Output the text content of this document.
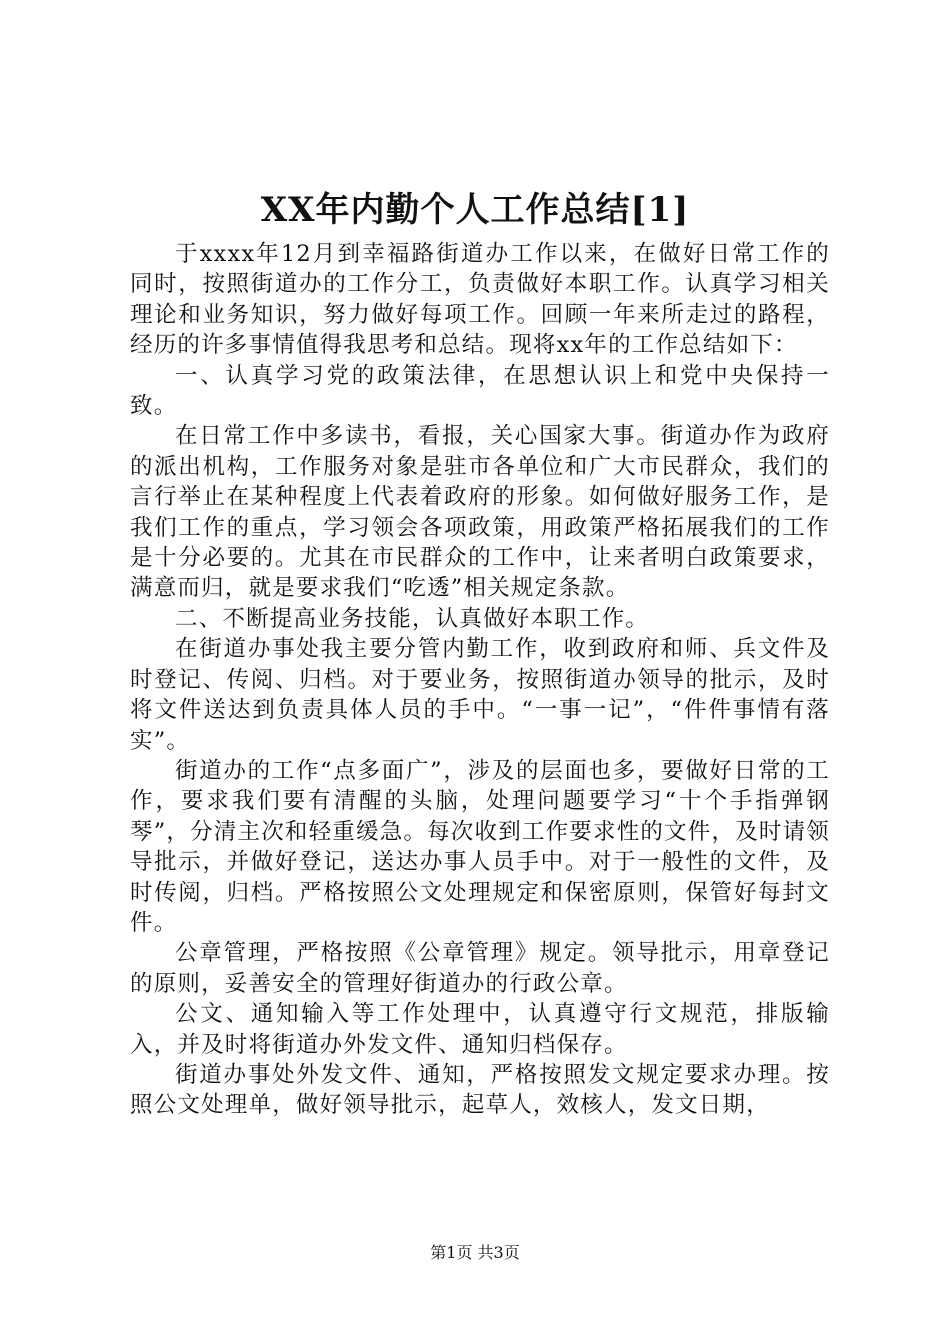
XX年内勤个人工作总结[1]

于xxxx年12月到幸福路街道办工作以来，在做好日常工作的同时，按照街道办的工作分工，负责做好本职工作。认真学习相关理论和业务知识，努力做好每项工作。回顾一年来所走过的路程，经历的许多事情值得我思考和总结。现将xx年的工作总结如下：

一、认真学习党的政策法律，在思想认识上和党中央保持一致。

在日常工作中多读书，看报，关心国家大事。街道办作为政府的派出机构，工作服务对象是驻市各单位和广大市民群众，我们的言行举止在某种程度上代表着政府的形象。如何做好服务工作，是我们工作的重点，学习领会各项政策，用政策严格拓展我们的工作是十分必要的。尤其在市民群众的工作中，让来者明白政策要求，满意而归，就是要求我们“吃透”相关规定条款。

二、不断提高业务技能，认真做好本职工作。

在街道办事处我主要分管内勤工作，收到政府和师、兵文件及时登记、传阅、归档。对于要业务，按照街道办领导的批示，及时将文件送达到负责具体人员的手中。“一事一记”，“件件事情有落实”。

街道办的工作“点多面广”，涉及的层面也多，要做好日常的工作，要求我们要有清醒的头脑，处理问题要学习“十个手指弹钢琴”，分清主次和轻重缓急。每次收到工作要求性的文件，及时请领导批示，并做好登记，送达办事人员手中。对于一般性的文件，及时传阅，归档。严格按照公文处理规定和保密原则，保管好每封文件。

公章管理，严格按照《公章管理》规定。领导批示，用章登记的原则，妥善安全的管理好街道办的行政公章。

公文、通知输入等工作处理中，认真遵守行文规范，排版输入，并及时将街道办外发文件、通知归档保存。

街道办事处外发文件、通知，严格按照发文规定要求办理。按照公文处理单，做好领导批示，起草人，效核人，发文日期，

第1页 共3页
